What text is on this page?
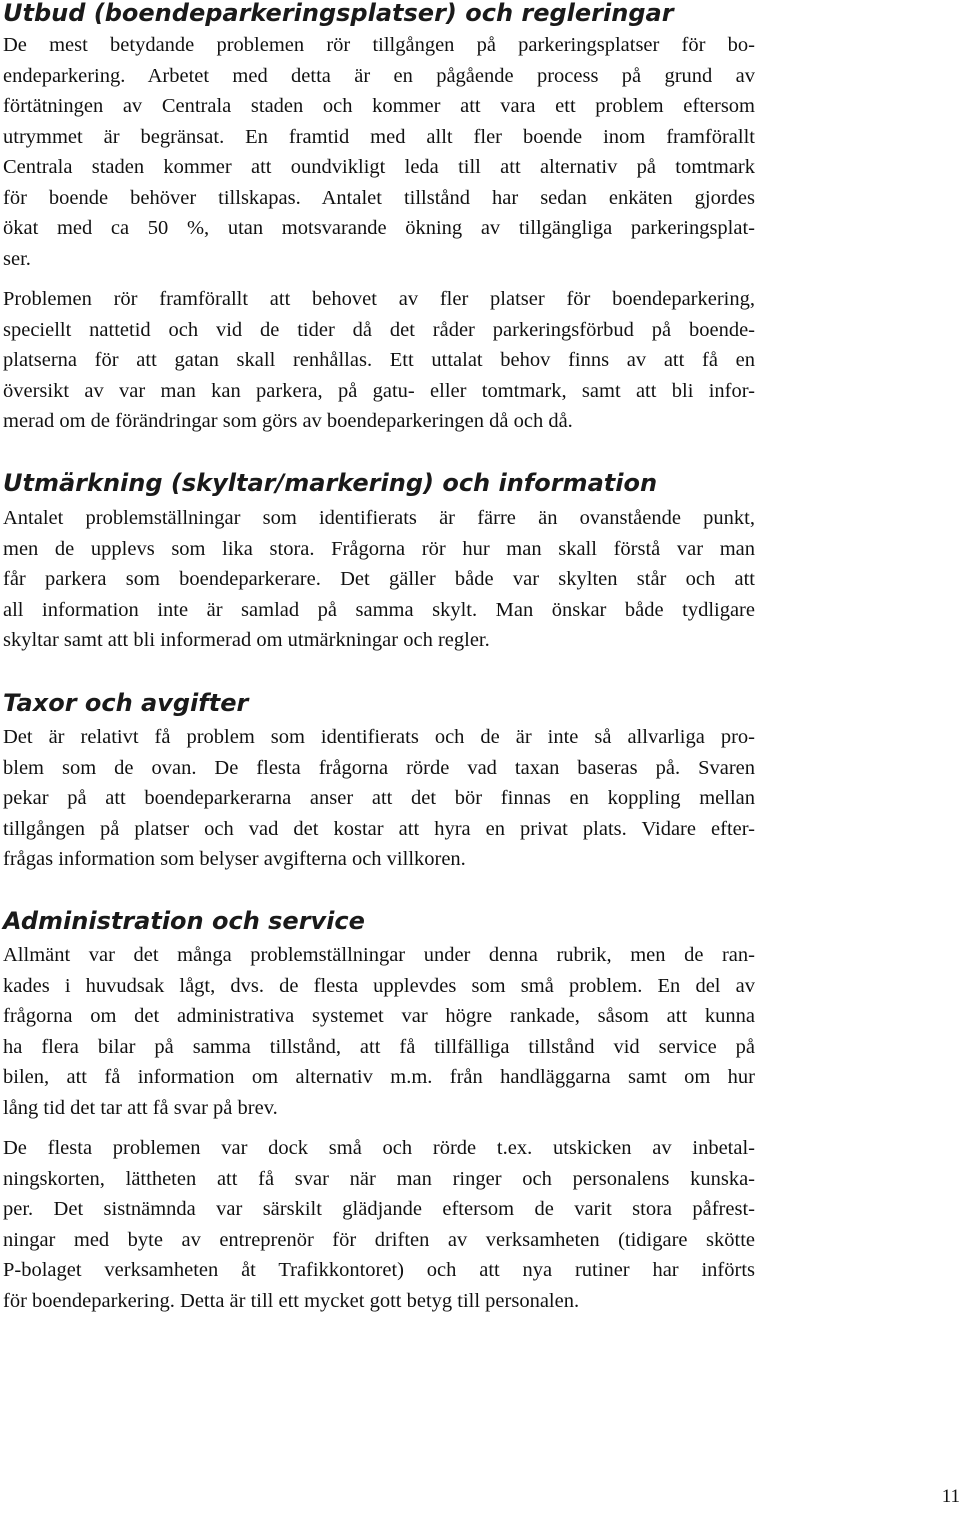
Utbud (boendeparkeringsplatser) och regleringar
De mest betydande problemen rör tillgången på parkeringsplatser för bo-
endeparkering. Arbetet med detta är en pågående process på grund av
förtätningen av Centrala staden och kommer att vara ett problem eftersom
utrymmet är begränsat. En framtid med allt fler boende inom framförallt
Centrala staden kommer att oundvikligt leda till att alternativ på tomtmark
för boende behöver tillskapas. Antalet tillstånd har sedan enkäten gjordes
ökat med ca 50 %, utan motsvarande ökning av tillgängliga parkeringsplat-
ser.
Problemen rör framförallt att behovet av fler platser för boendeparkering,
speciellt nattetid och vid de tider då det råder parkeringsförbud på boende-
platserna för att gatan skall renhållas. Ett uttalat behov finns av att få en
översikt av var man kan parkera, på gatu- eller tomtmark, samt att bli infor-
merad om de förändringar som görs av boendeparkeringen då och då.
Utmärkning (skyltar/markering) och information
Antalet problemställningar som identifierats är färre än ovanstående punkt,
men de upplevs som lika stora. Frågorna rör hur man skall förstå var man
får parkera som boendeparkerare. Det gäller både var skylten står och att
all information inte är samlad på samma skylt. Man önskar både tydligare
skyltar samt att bli informerad om utmärkningar och regler.
Taxor och avgifter
Det är relativt få problem som identifierats och de är inte så allvarliga pro-
blem som de ovan. De flesta frågorna rörde vad taxan baseras på. Svaren
pekar på att boendeparkerarna anser att det bör finnas en koppling mellan
tillgången på platser och vad det kostar att hyra en privat plats. Vidare efter-
frågas information som belyser avgifterna och villkoren.
Administration och service
Allmänt var det många problemställningar under denna rubrik, men de ran-
kades i huvudsak lågt, dvs. de flesta upplevdes som små problem. En del av
frågorna om det administrativa systemet var högre rankade, såsom att kunna
ha flera bilar på samma tillstånd, att få tillfälliga tillstånd vid service på
bilen, att få information om alternativ m.m. från handläggarna samt om hur
lång tid det tar att få svar på brev.
De flesta problemen var dock små och rörde t.ex. utskicken av inbetal-
ningskorten, lättheten att få svar när man ringer och personalens kunska-
per. Det sistnämnda var särskilt glädjande eftersom de varit stora påfrest-
ningar med byte av entreprenör för driften av verksamheten (tidigare skötte
P-bolaget verksamheten åt Trafikkontoret) och att nya rutiner har införts
för boendeparkering. Detta är till ett mycket gott betyg till personalen.
11
